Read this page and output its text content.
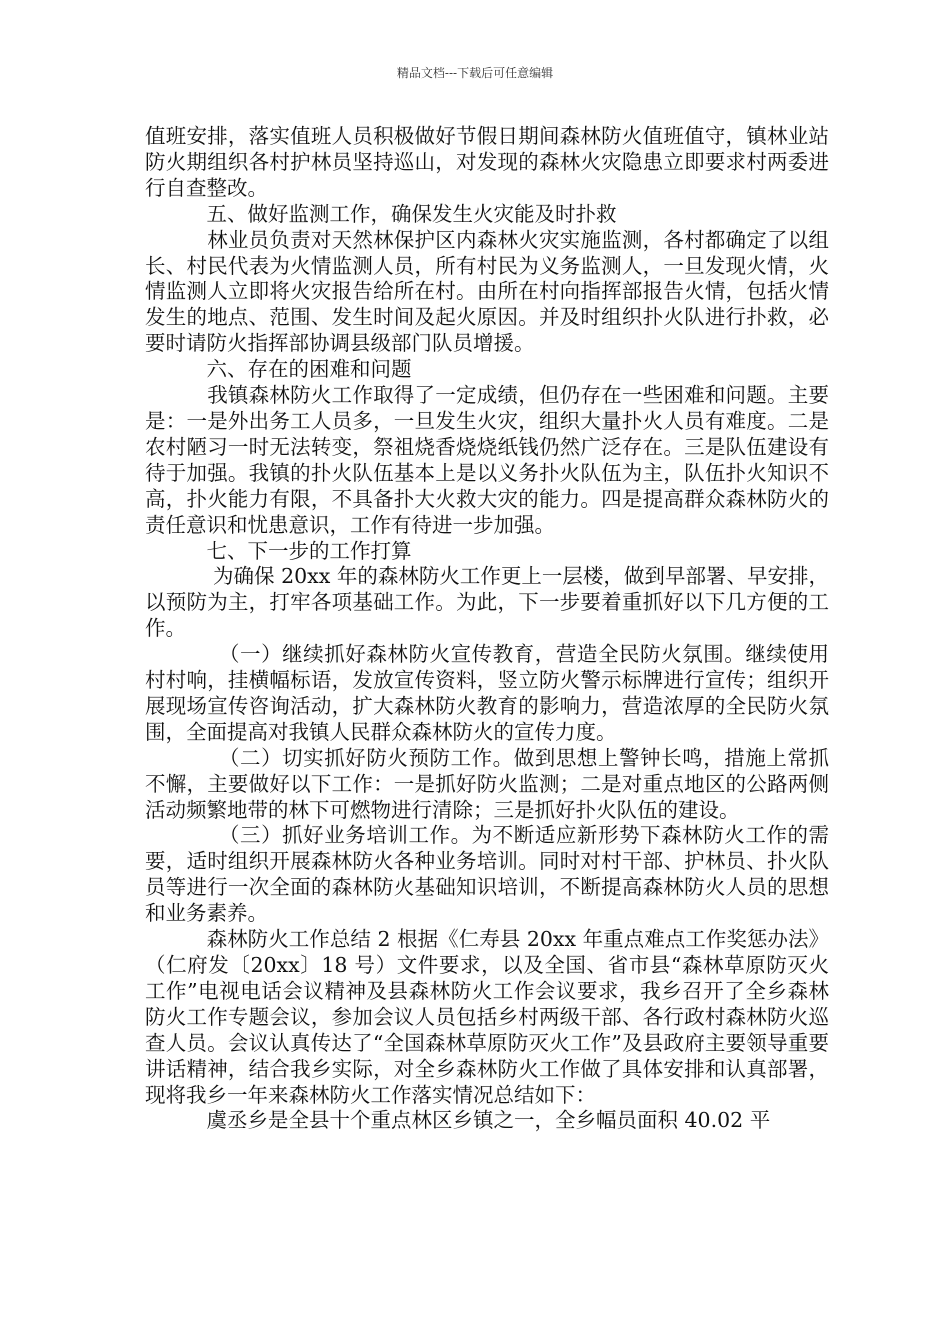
精品文档---下载后可任意编辑

值班安排，落实值班人员积极做好节假日期间森林防火值班值守，镇林业站防火期组织各村护林员坚持巡山，对发现的森林火灾隐患立即要求村两委进行自查整改。

　　　五、做好监测工作，确保发生火灾能及时扑救

　　　林业员负责对天然林保护区内森林火灾实施监测，各村都确定了以组长、村民代表为火情监测人员，所有村民为义务监测人，一旦发现火情，火情监测人立即将火灾报告给所在村。由所在村向指挥部报告火情，包括火情发生的地点、范围、发生时间及起火原因。并及时组织扑火队进行扑救，必要时请防火指挥部协调县级部门队员增援。

　　　六、存在的困难和问题

　　　我镇森林防火工作取得了一定成绩，但仍存在一些困难和问题。主要是：一是外出务工人员多，一旦发生火灾，组织大量扑火人员有难度。二是农村陋习一时无法转变，祭祖烧香烧烧纸钱仍然广泛存在。三是队伍建设有待于加强。我镇的扑火队伍基本上是以义务扑火队伍为主，队伍扑火知识不高，扑火能力有限，不具备扑大火救大灾的能力。四是提高群众森林防火的责任意识和忧患意识，工作有待进一步加强。

　　　七、下一步的工作打算

　　　 为确保 20xx 年的森林防火工作更上一层楼，做到早部署、早安排，以预防为主，打牢各项基础工作。为此，下一步要着重抓好以下几方便的工作。

　　　　（一）继续抓好森林防火宣传教育，营造全民防火氛围。继续使用村村响，挂横幅标语，发放宣传资料，竖立防火警示标牌进行宣传；组织开展现场宣传咨询活动，扩大森林防火教育的影响力，营造浓厚的全民防火氛围，全面提高对我镇人民群众森林防火的宣传力度。

　　　　（二）切实抓好防火预防工作。做到思想上警钟长鸣，措施上常抓不懈，主要做好以下工作：一是抓好防火监测；二是对重点地区的公路两侧活动频繁地带的林下可燃物进行清除；三是抓好扑火队伍的建设。

　　　　（三）抓好业务培训工作。为不断适应新形势下森林防火工作的需要，适时组织开展森林防火各种业务培训。同时对村干部、护林员、扑火队员等进行一次全面的森林防火基础知识培训，不断提高森林防火人员的思想和业务素养。

　　　森林防火工作总结 2 根据《仁寿县 20xx 年重点难点工作奖惩办法》（仁府发〔20xx〕18 号）文件要求，以及全国、省市县“森林草原防灭火工作”电视电话会议精神及县森林防火工作会议要求，我乡召开了全乡森林防火工作专题会议，参加会议人员包括乡村两级干部、各行政村森林防火巡查人员。会议认真传达了“全国森林草原防灭火工作”及县政府主要领导重要讲话精神，结合我乡实际，对全乡森林防火工作做了具体安排和认真部署，现将我乡一年来森林防火工作落实情况总结如下：

　　　虞丞乡是全县十个重点林区乡镇之一，全乡幅员面积 40.02 平
